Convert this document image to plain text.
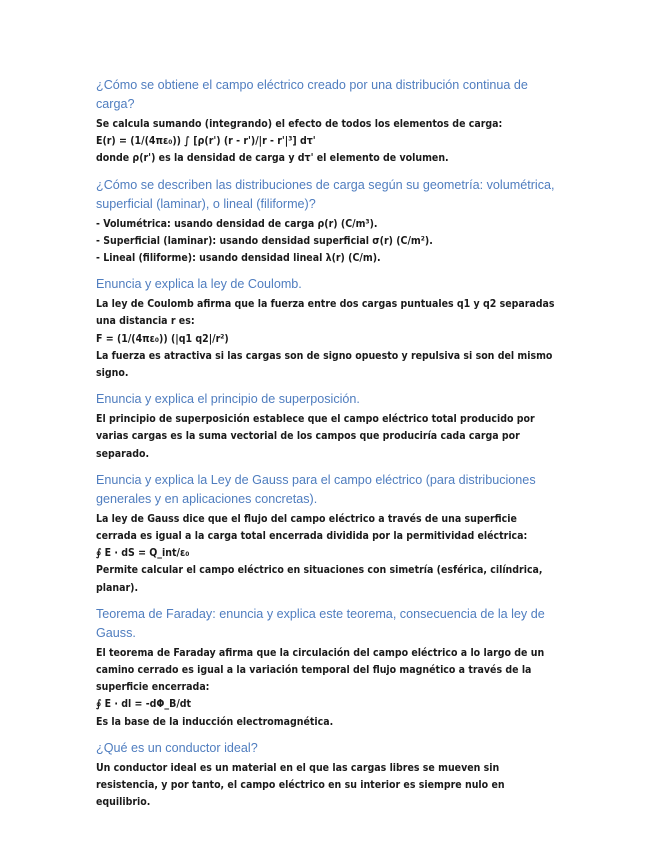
¿Cómo se obtiene el campo eléctrico creado por una distribución continua de carga?
Se calcula sumando (integrando) el efecto de todos los elementos de carga:
E(r) = (1/(4πε₀)) ∫ [ρ(r') (r - r')/|r - r'|³] dτ'
donde ρ(r') es la densidad de carga y dτ' el elemento de volumen.
¿Cómo se describen las distribuciones de carga según su geometría: volumétrica, superficial (laminar), o lineal (filiforme)?
- Volumétrica: usando densidad de carga ρ(r) (C/m³).
- Superficial (laminar): usando densidad superficial σ(r) (C/m²).
- Lineal (filiforme): usando densidad lineal λ(r) (C/m).
Enuncia y explica la ley de Coulomb.
La ley de Coulomb afirma que la fuerza entre dos cargas puntuales q1 y q2 separadas una distancia r es:
F = (1/(4πε₀)) (|q1 q2|/r²)
La fuerza es atractiva si las cargas son de signo opuesto y repulsiva si son del mismo signo.
Enuncia y explica el principio de superposición.
El principio de superposición establece que el campo eléctrico total producido por varias cargas es la suma vectorial de los campos que produciría cada carga por separado.
Enuncia y explica la Ley de Gauss para el campo eléctrico (para distribuciones generales y en aplicaciones concretas).
La ley de Gauss dice que el flujo del campo eléctrico a través de una superficie cerrada es igual a la carga total encerrada dividida por la permitividad eléctrica:
∮ E · dS = Q_int/ε₀
Permite calcular el campo eléctrico en situaciones con simetría (esférica, cilíndrica, planar).
Teorema de Faraday: enuncia y explica este teorema, consecuencia de la ley de Gauss.
El teorema de Faraday afirma que la circulación del campo eléctrico a lo largo de un camino cerrado es igual a la variación temporal del flujo magnético a través de la superficie encerrada:
∮ E · dl = -dΦ_B/dt
Es la base de la inducción electromagnética.
¿Qué es un conductor ideal?
Un conductor ideal es un material en el que las cargas libres se mueven sin resistencia, y por tanto, el campo eléctrico en su interior es siempre nulo en equilibrio.
